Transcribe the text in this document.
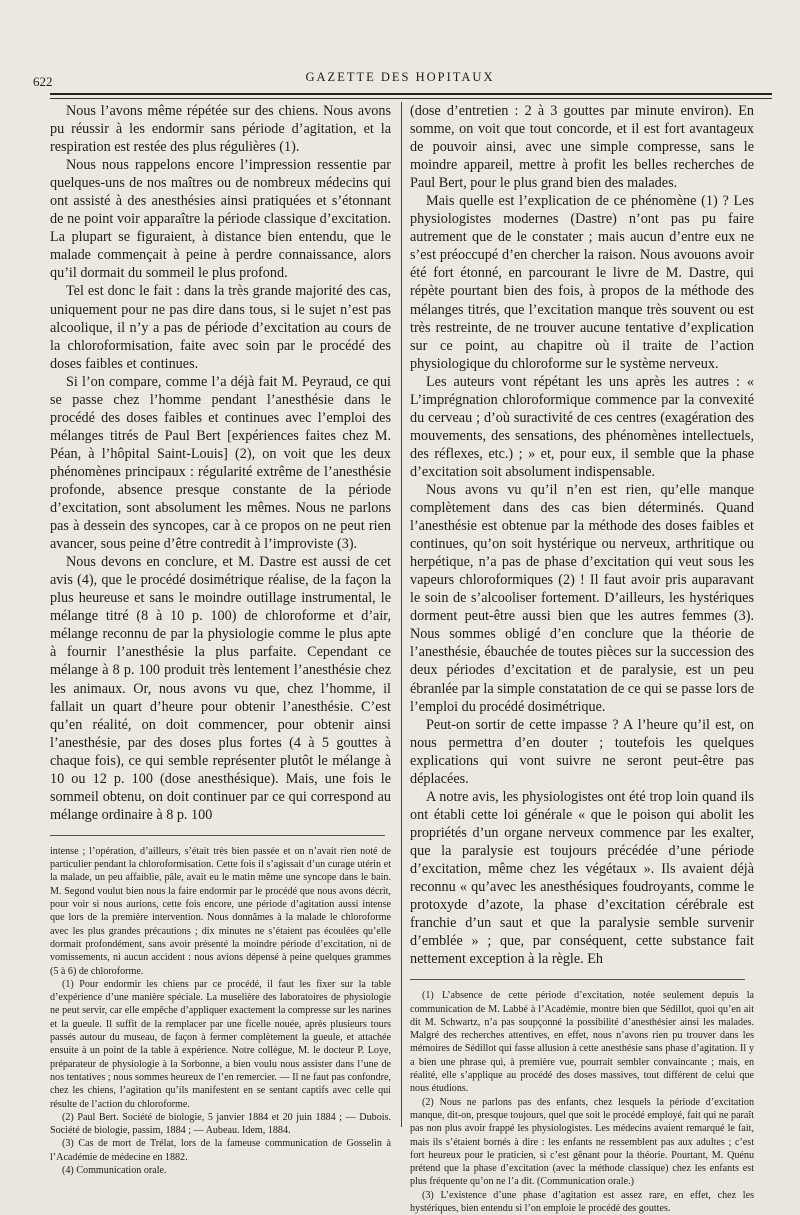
622	GAZETTE DES HOPITAUX

Nous l’avons même répétée sur des chiens. Nous avons pu réussir à les endormir sans période d’agitation, et la respiration est restée des plus régulières (1).

Nous nous rappelons encore l’impression ressentie par quelques-uns de nos maîtres ou de nombreux médecins qui ont assisté à des anesthésies ainsi pratiquées et s’étonnant de ne point voir apparaître la période classique d’excitation. La plupart se figuraient, à distance bien entendu, que le malade commençait à peine à perdre connaissance, alors qu’il dormait du sommeil le plus profond.

Tel est donc le fait : dans la très grande majorité des cas, uniquement pour ne pas dire dans tous, si le sujet n’est pas alcoolique, il n’y a pas de période d’excitation au cours de la chloroformisation, faite avec soin par le procédé des doses faibles et continues.

Si l’on compare, comme l’a déjà fait M. Peyraud, ce qui se passe chez l’homme pendant l’anesthésie dans le procédé des doses faibles et continues avec l’emploi des mélanges titrés de Paul Bert [expériences faites chez M. Péan, à l’hôpital Saint-Louis] (2), on voit que les deux phénomènes principaux : régularité extrême de l’anesthésie profonde, absence presque constante de la période d’excitation, sont absolument les mêmes. Nous ne parlons pas à dessein des syncopes, car à ce propos on ne peut rien avancer, sous peine d’être contredit à l’improviste (3).

Nous devons en conclure, et M. Dastre est aussi de cet avis (4), que le procédé dosimétrique réalise, de la façon la plus heureuse et sans le moindre outillage instrumental, le mélange titré (8 à 10 p. 100) de chloroforme et d’air, mélange reconnu de par la physiologie comme le plus apte à fournir l’anesthésie la plus parfaite. Cependant ce mélange à 8 p. 100 produit très lentement l’anesthésie chez les animaux. Or, nous avons vu que, chez l’homme, il fallait un quart d’heure pour obtenir l’anesthésie. C’est qu’en réalité, on doit commencer, pour obtenir ainsi l’anesthésie, par des doses plus fortes (4 à 5 gouttes à chaque fois), ce qui semble représenter plutôt le mélange à 10 ou 12 p. 100 (dose anesthésique). Mais, une fois le sommeil obtenu, on doit continuer par ce qui correspond au mélange ordinaire à 8 p. 100

intense ; l’opération, d’ailleurs, s’était très bien passée et on n’avait rien noté de particulier pendant la chloroformisation. Cette fois il s’agissait d’un curage utérin et la malade, un peu affaiblie, pâle, avait eu le matin même une syncope dans le bain. M. Segond voulut bien nous la faire endormir par le procédé que nous avons décrit, pour voir si nous aurions, cette fois encore, une période d’agitation aussi intense que lors de la première intervention. Nous donnâmes à la malade le chloroforme avec les plus grandes précautions ; dix minutes ne s’étaient pas écoulées qu’elle dormait profondément, sans avoir présenté la moindre période d’excitation, ni de vomissements, ni aucun accident : nous avions dépensé à peine quelques grammes (5 à 6) de chloroforme.

(1) Pour endormir les chiens par ce procédé, il faut les fixer sur la table d’expérience d’une manière spéciale. La muselière des laboratoires de physiologie ne peut servir, car elle empêche d’appliquer exactement la compresse sur les narines et la gueule. Il suffit de la remplacer par une ficelle nouée, après plusieurs tours passés autour du museau, de façon à fermer complètement la gueule, et attachée ensuite à un point de la table à expérience. Notre collègue, M. le docteur P. Loye, préparateur de physiologie à la Sorbonne, a bien voulu nous assister dans l’une de nos tentatives ; nous sommes heureux de l’en remercier. — Il ne faut pas confondre, chez les chiens, l’agitation qu’ils manifestent en se sentant captifs avec celle qui résulte de l’action du chloroforme.

(2) Paul Bert. Société de biologie, 5 janvier 1884 et 20 juin 1884 ; — Dubois. Société de biologie, passim, 1884 ; — Aubeau. Idem, 1884.

(3) Cas de mort de Trélat, lors de la fameuse communication de Gosselin à l’Académie de médecine en 1882.

(4) Communication orale.

(dose d’entretien : 2 à 3 gouttes par minute environ). En somme, on voit que tout concorde, et il est fort avantageux de pouvoir ainsi, avec une simple compresse, sans le moindre appareil, mettre à profit les belles recherches de Paul Bert, pour le plus grand bien des malades.

Mais quelle est l’explication de ce phénomène (1) ? Les physiologistes modernes (Dastre) n’ont pas pu faire autrement que de le constater ; mais aucun d’entre eux ne s’est préoccupé d’en chercher la raison. Nous avouons avoir été fort étonné, en parcourant le livre de M. Dastre, qui répète pourtant bien des fois, à propos de la méthode des mélanges titrés, que l’excitation manque très souvent ou est très restreinte, de ne trouver aucune tentative d’explication sur ce point, au chapitre où il traite de l’action physiologique du chloroforme sur le système nerveux.

Les auteurs vont répétant les uns après les autres : « L’imprégnation chloroformique commence par la convexité du cerveau ; d’où suractivité de ces centres (exagération des mouvements, des sensations, des phénomènes intellectuels, des réflexes, etc.) ; » et, pour eux, il semble que la phase d’excitation soit absolument indispensable.

Nous avons vu qu’il n’en est rien, qu’elle manque complètement dans des cas bien déterminés. Quand l’anesthésie est obtenue par la méthode des doses faibles et continues, qu’on soit hystérique ou nerveux, arthritique ou herpétique, n’a pas de phase d’excitation qui veut sous les vapeurs chloroformiques (2) ! Il faut avoir pris auparavant le soin de s’alcooliser fortement. D’ailleurs, les hystériques dorment peut-être aussi bien que les autres femmes (3). Nous sommes obligé d’en conclure que la théorie de l’anesthésie, ébauchée de toutes pièces sur la succession des deux périodes d’excitation et de paralysie, est un peu ébranlée par la simple constatation de ce qui se passe lors de l’emploi du procédé dosimétrique.

Peut-on sortir de cette impasse ? A l’heure qu’il est, on nous permettra d’en douter ; toutefois les quelques explications qui vont suivre ne seront peut-être pas déplacées.

A notre avis, les physiologistes ont été trop loin quand ils ont établi cette loi générale « que le poison qui abolit les propriétés d’un organe nerveux commence par les exalter, que la paralysie est toujours précédée d’une période d’excitation, même chez les végétaux ». Ils avaient déjà reconnu « qu’avec les anesthésiques foudroyants, comme le protoxyde d’azote, la phase d’excitation cérébrale est franchie d’un saut et que la paralysie semble survenir d’emblée » ; que, par conséquent, cette substance fait nettement exception à la règle. Eh

(1) L’absence de cette période d’excitation, notée seulement depuis la communication de M. Labbé à l’Académie, montre bien que Sédillot, quoi qu’en ait dit M. Schwartz, n’a pas soupçonné la possibilité d’anesthésier ainsi les malades. Malgré des recherches attentives, en effet, nous n’avons rien pu trouver dans les mémoires de Sédillot qui fasse allusion à cette anesthésie sans phase d’agitation. Il y a bien une phrase qui, à première vue, pourrait sembler convaincante ; mais, en réalité, elle s’applique au procédé des doses massives, tout différent de celui que nous étudions.

(2) Nous ne parlons pas des enfants, chez lesquels la période d’excitation manque, dit-on, presque toujours, quel que soit le procédé employé, fait qui ne paraît pas non plus avoir frappé les physiologistes. Les médecins avaient remarqué le fait, mais ils s’étaient bornés à dire : les enfants ne ressemblent pas aux adultes ; c’est fort heureux pour le praticien, si c’est gênant pour la théorie. Pourtant, M. Quénu prétend que la phase d’excitation (avec la méthode classique) chez les enfants est plus fréquente qu’on ne l’a dit. (Communication orale.)

(3) L’existence d’une phase d’agitation est assez rare, en effet, chez les hystériques, bien entendu si l’on emploie le procédé des gouttes.
